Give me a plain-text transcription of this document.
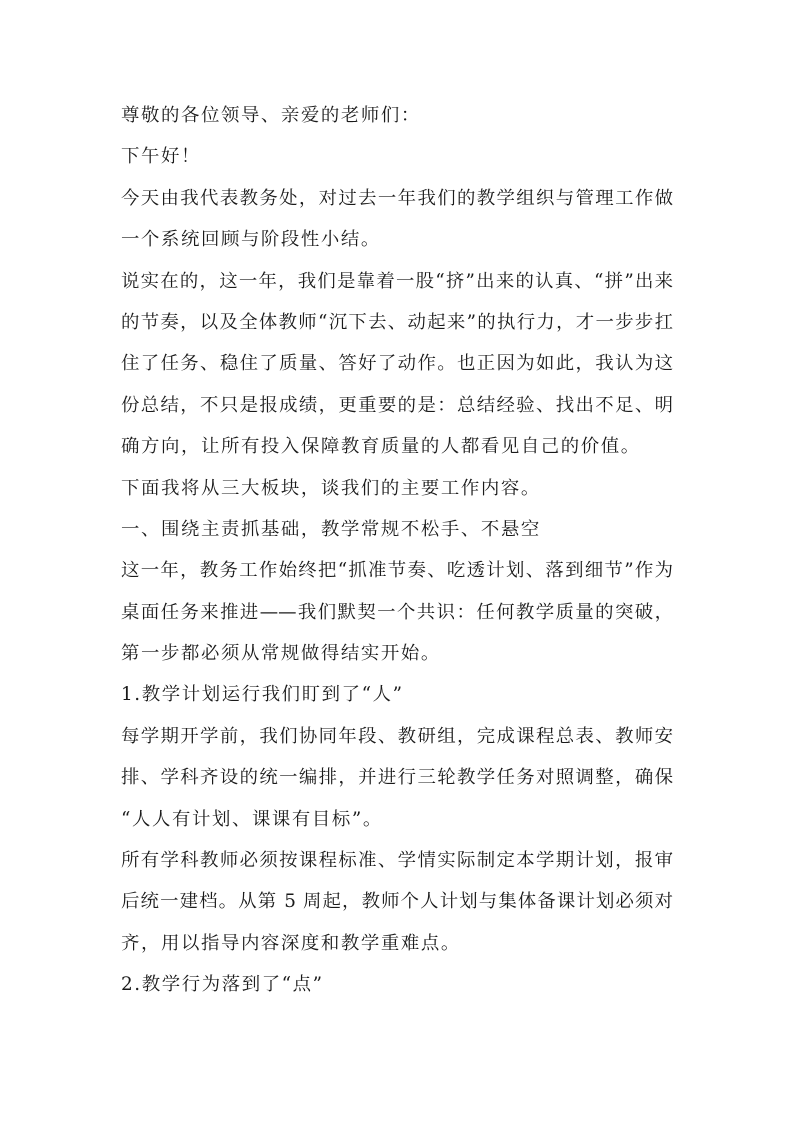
尊敬的各位领导、亲爱的老师们：
下午好！
今天由我代表教务处，对过去一年我们的教学组织与管理工作做
一个系统回顾与阶段性小结。
说实在的，这一年，我们是靠着一股“挤”出来的认真、“拼”出来
的节奏，以及全体教师“沉下去、动起来”的执行力，才一步步扛
住了任务、稳住了质量、答好了动作。也正因为如此，我认为这
份总结，不只是报成绩，更重要的是：总结经验、找出不足、明
确方向，让所有投入保障教育质量的人都看见自己的价值。
下面我将从三大板块，谈我们的主要工作内容。
一、围绕主责抓基础，教学常规不松手、不悬空
这一年，教务工作始终把“抓准节奏、吃透计划、落到细节”作为
桌面任务来推进——我们默契一个共识：任何教学质量的突破，
第一步都必须从常规做得结实开始。
1.教学计划运行我们盯到了“人”
每学期开学前，我们协同年段、教研组，完成课程总表、教师安
排、学科齐设的统一编排，并进行三轮教学任务对照调整，确保
“人人有计划、课课有目标”。
所有学科教师必须按课程标准、学情实际制定本学期计划，报审
后统一建档。从第 5 周起，教师个人计划与集体备课计划必须对
齐，用以指导内容深度和教学重难点。
2.教学行为落到了“点”
